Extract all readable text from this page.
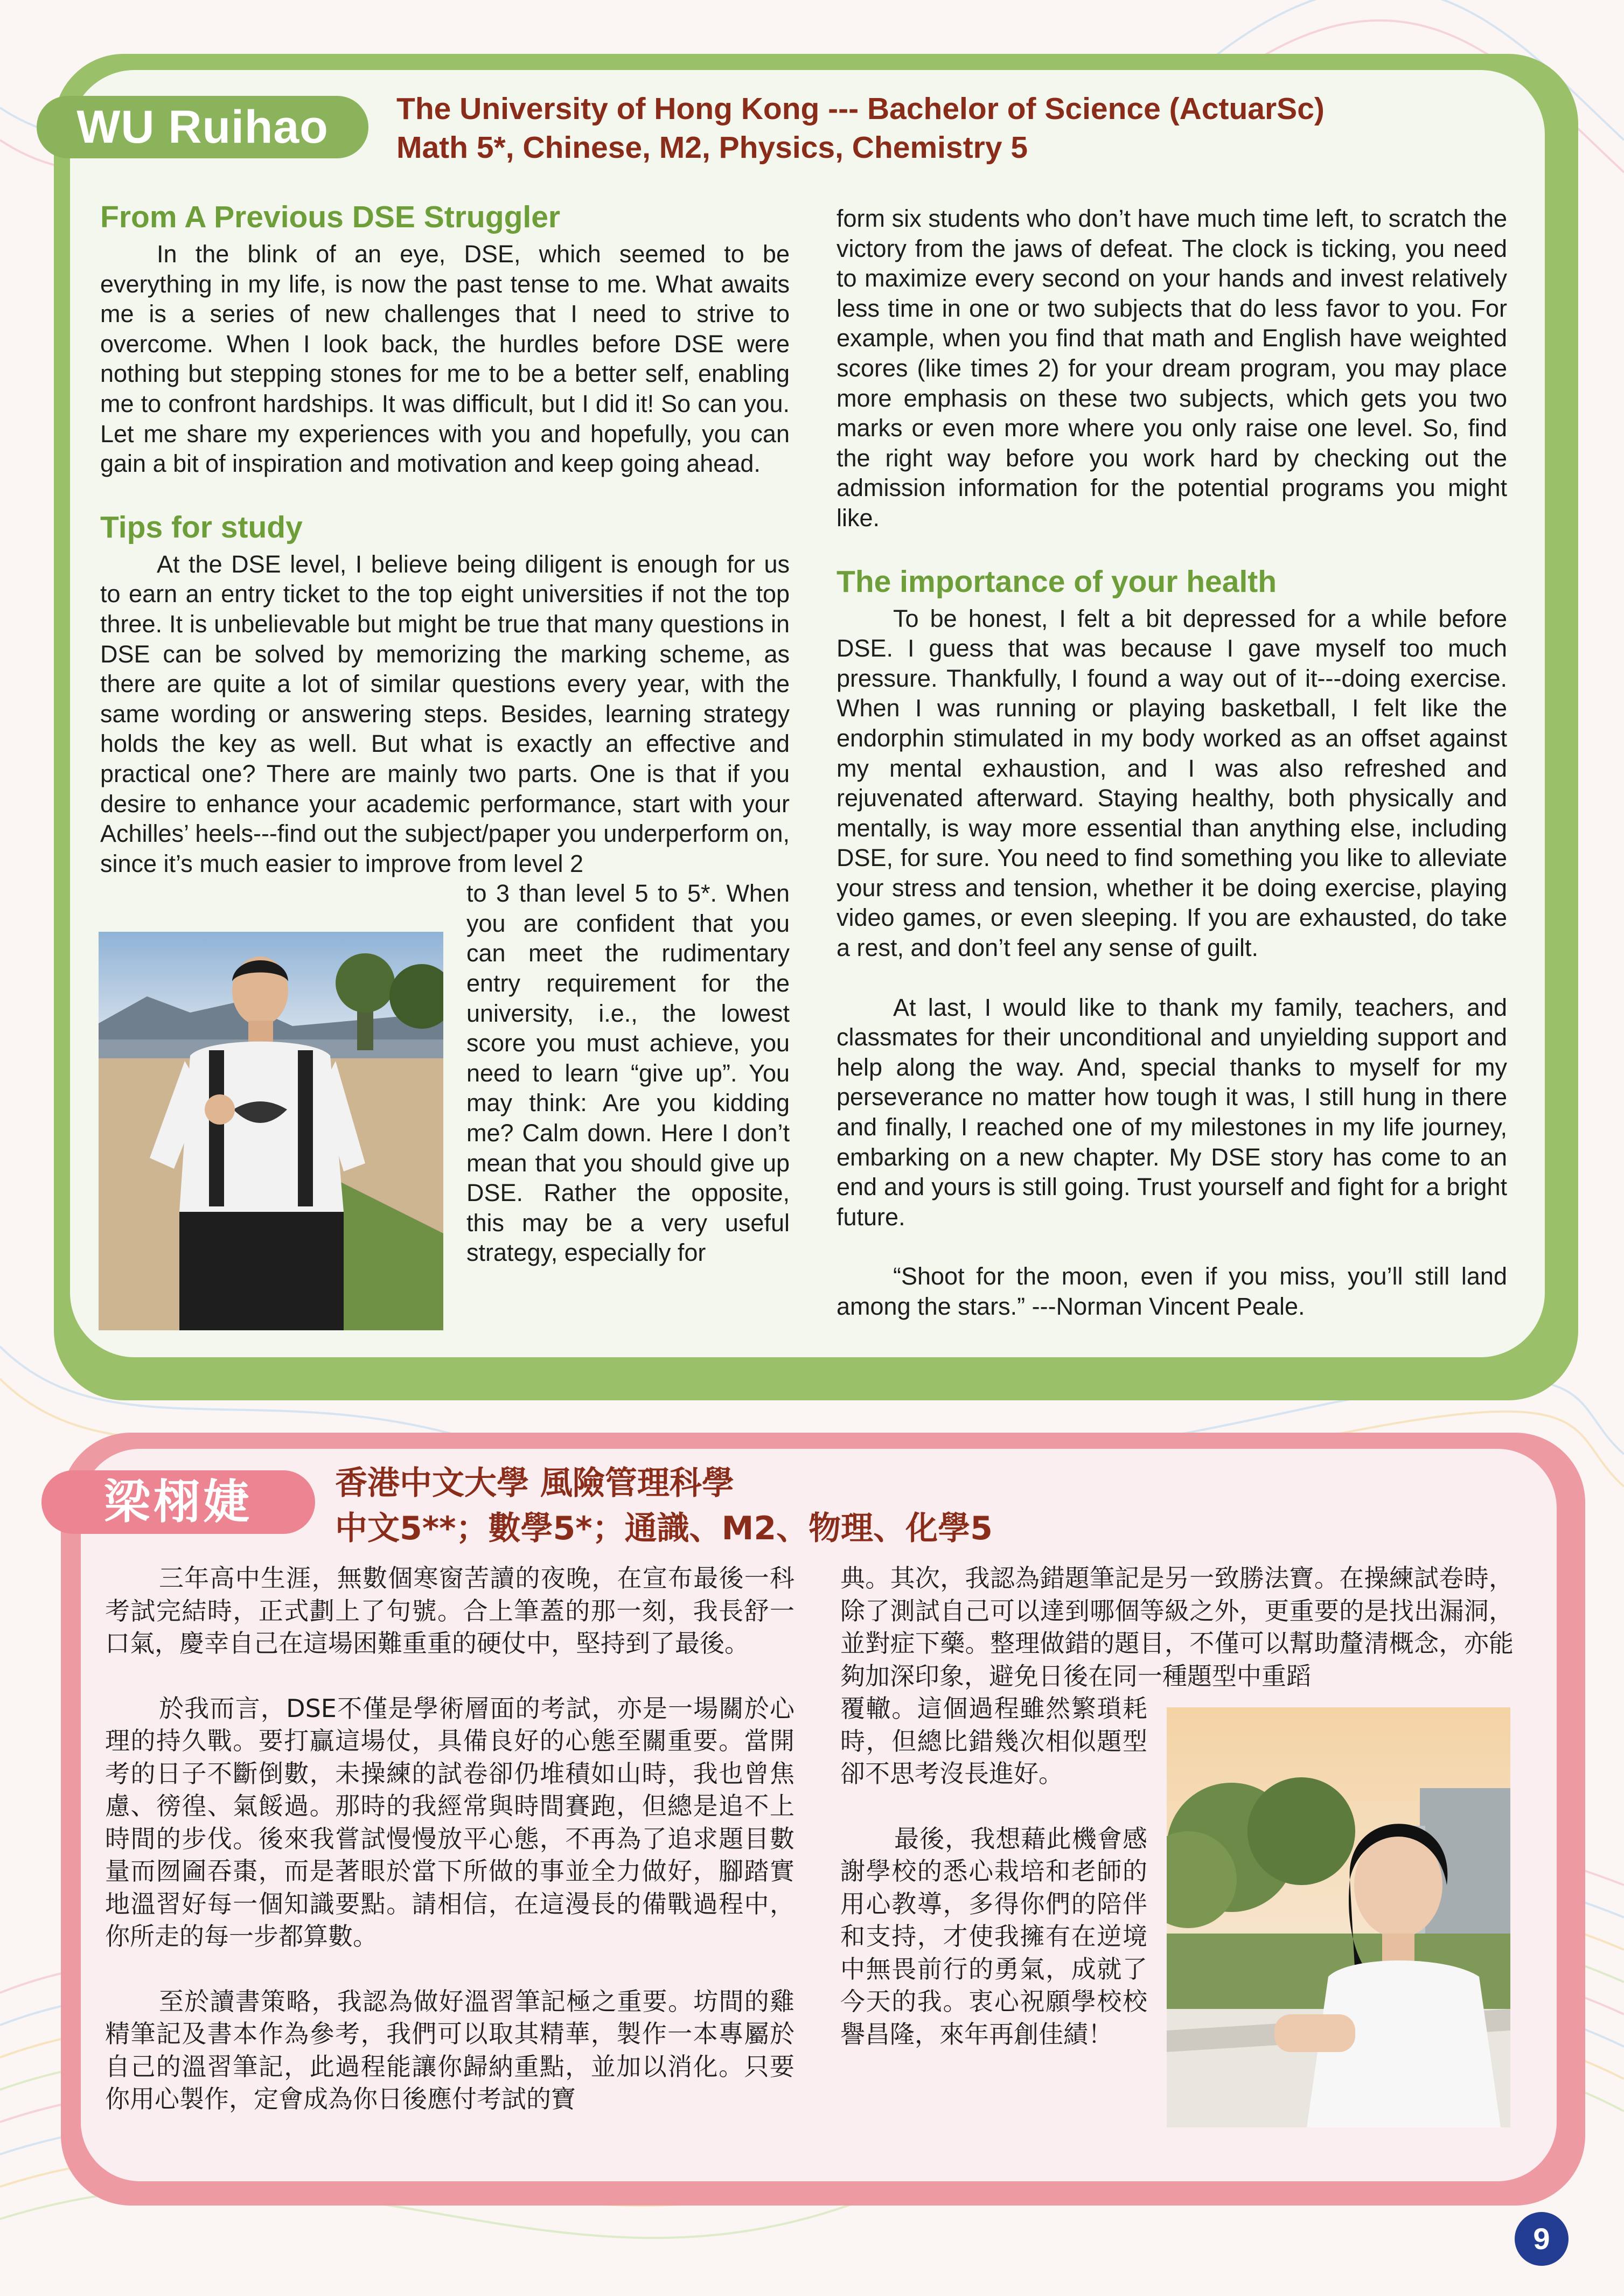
WU Ruihao	The University of Hong Kong --- Bachelor of Science (ActuarSc)
Math 5*, Chinese, M2, Physics, Chemistry 5
From A Previous DSE Struggler

In the blink of an eye, DSE, which seemed to be everything in my life, is now the past tense to me. What awaits me is a series of new challenges that I need to strive to overcome. When I look back, the hurdles before DSE were nothing but stepping stones for me to be a better self, enabling me to confront hardships. It was difficult, but I did it! So can you. Let me share my experiences with you and hopefully, you can gain a bit of inspiration and motivation and keep going ahead.

Tips for study

At the DSE level, I believe being diligent is enough for us to earn an entry ticket to the top eight universities if not the top three. It is unbelievable but might be true that many questions in DSE can be solved by memorizing the marking scheme, as there are quite a lot of similar questions every year, with the same wording or answering steps. Besides, learning strategy holds the key as well. But what is exactly an effective and practical one? There are mainly two parts. One is that if you desire to enhance your academic performance, start with your Achilles’ heels---find out the subject/paper you underperform on, since it’s much easier to improve from level 2

to 3 than level 5 to 5*. When you are confident that you can meet the rudimentary entry requirement for the university, i.e., the lowest score you must achieve, you need to learn “give up”. You may think: Are you kidding me? Calm down. Here I don’t mean that you should give up DSE. Rather the opposite, this may be a very useful strategy, especially for

form six students who don’t have much time left, to scratch the victory from the jaws of defeat. The clock is ticking, you need to maximize every second on your hands and invest relatively less time in one or two subjects that do less favor to you. For example, when you find that math and English have weighted scores (like times 2) for your dream program, you may place more emphasis on these two subjects, which gets you two marks or even more where you only raise one level. So, find the right way before you work hard by checking out the admission information for the potential programs you might like.

The importance of your health

To be honest, I felt a bit depressed for a while before DSE. I guess that was because I gave myself too much pressure. Thankfully, I found a way out of it---doing exercise. When I was running or playing basketball, I felt like the endorphin stimulated in my body worked as an offset against my mental exhaustion, and I was also refreshed and rejuvenated afterward. Staying healthy, both physically and mentally, is way more essential than anything else, including DSE, for sure. You need to find something you like to alleviate your stress and tension, whether it be doing exercise, playing video games, or even sleeping. If you are exhausted, do take a rest, and don’t feel any sense of guilt.

At last, I would like to thank my family, teachers, and classmates for their unconditional and unyielding support and help along the way. And, special thanks to myself for my perseverance no matter how tough it was, I still hung in there and finally, I reached one of my milestones in my life journey, embarking on a new chapter. My DSE story has come to an end and yours is still going. Trust yourself and fight for a bright future.

“Shoot for the moon, even if you miss, you’ll still land among the stars.” ---Norman Vincent Peale.

梁栩婕	香港中文大學 風險管理科學
中文5**；數學5*；通識、M2、物理、化學5

三年高中生涯，無數個寒窗苦讀的夜晚，在宣布最後一科考試完結時，正式劃上了句號。合上筆蓋的那一刻，我長舒一口氣，慶幸自己在這場困難重重的硬仗中，堅持到了最後。

於我而言，DSE不僅是學術層面的考試，亦是一場關於心理的持久戰。要打贏這場仗，具備良好的心態至關重要。當開考的日子不斷倒數，未操練的試卷卻仍堆積如山時，我也曾焦慮、徬徨、氣餒過。那時的我經常與時間賽跑，但總是追不上時間的步伐。後來我嘗試慢慢放平心態，不再為了追求題目數量而囫圇吞棗，而是著眼於當下所做的事並全力做好，腳踏實地溫習好每一個知識要點。請相信，在這漫長的備戰過程中，你所走的每一步都算數。

至於讀書策略，我認為做好溫習筆記極之重要。坊間的雞精筆記及書本作為參考，我們可以取其精華，製作一本專屬於自己的溫習筆記，此過程能讓你歸納重點，並加以消化。只要你用心製作，定會成為你日後應付考試的寶

典。其次，我認為錯題筆記是另一致勝法寶。在操練試卷時，除了測試自己可以達到哪個等級之外，更重要的是找出漏洞，並對症下藥。整理做錯的題目，不僅可以幫助釐清概念，亦能夠加深印象，避免日後在同一種題型中重蹈

覆轍。這個過程雖然繁瑣耗時，但總比錯幾次相似題型卻不思考沒長進好。

最後，我想藉此機會感謝學校的悉心栽培和老師的用心教導，多得你們的陪伴和支持，才使我擁有在逆境中無畏前行的勇氣，成就了今天的我。衷心祝願學校校譽昌隆，來年再創佳績！

9
